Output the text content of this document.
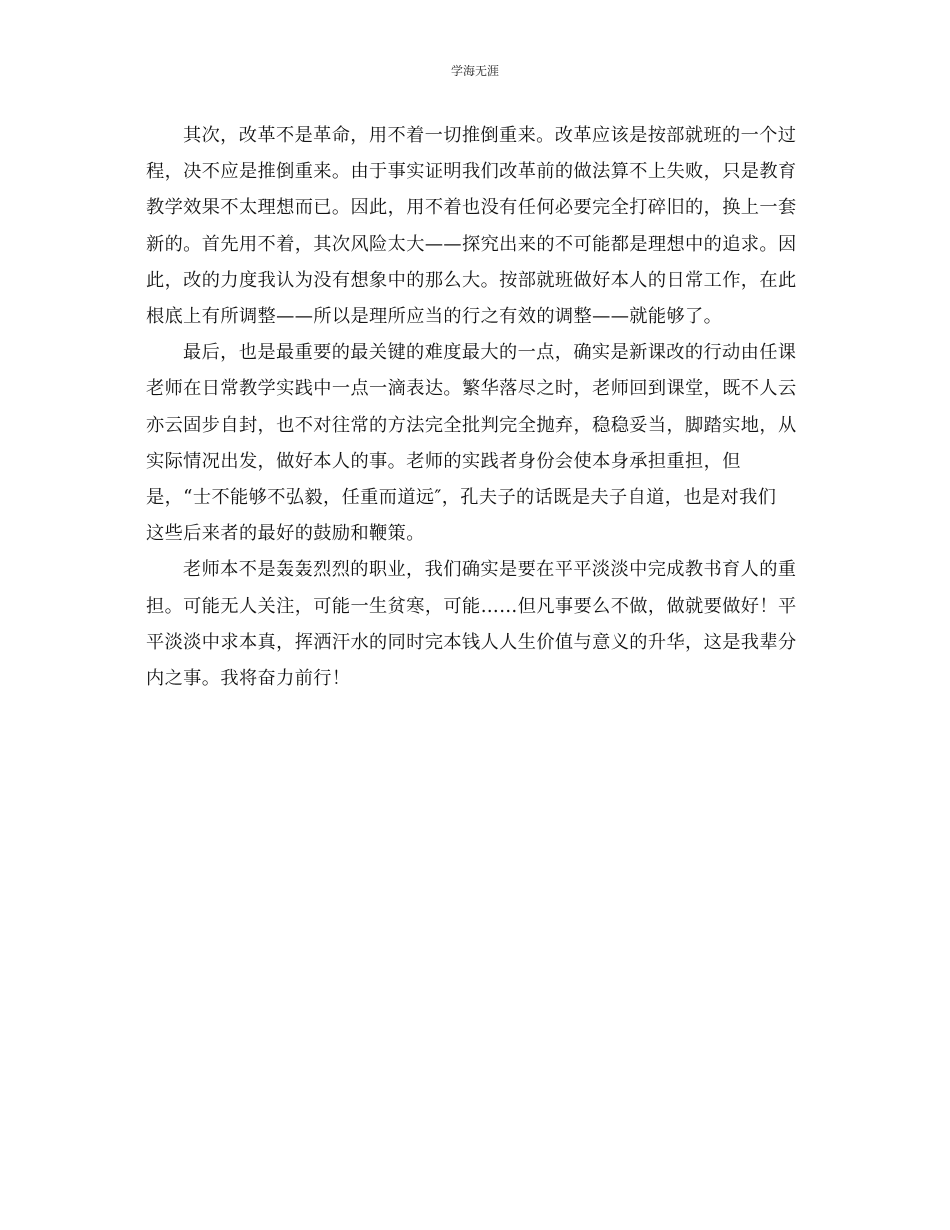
学海无涯
其次，改革不是革命，用不着一切推倒重来。改革应该是按部就班的一个过
程，决不应是推倒重来。由于事实证明我们改革前的做法算不上失败，只是教育
教学效果不太理想而已。因此，用不着也没有任何必要完全打碎旧的，换上一套
新的。首先用不着，其次风险太大——探究出来的不可能都是理想中的追求。因
此，改的力度我认为没有想象中的那么大。按部就班做好本人的日常工作，在此
根底上有所调整——所以是理所应当的行之有效的调整——就能够了。
最后，也是最重要的最关键的难度最大的一点，确实是新课改的行动由任课
老师在日常教学实践中一点一滴表达。繁华落尽之时，老师回到课堂，既不人云
亦云固步自封，也不对往常的方法完全批判完全抛弃，稳稳妥当，脚踏实地，从
实际情况出发，做好本人的事。老师的实践者身份会使本身承担重担，但
是，“士不能够不弘毅，任重而道远″，孔夫子的话既是夫子自道，也是对我们
这些后来者的最好的鼓励和鞭策。
老师本不是轰轰烈烈的职业，我们确实是要在平平淡淡中完成教书育人的重
担。可能无人关注，可能一生贫寒，可能……但凡事要么不做，做就要做好！平
平淡淡中求本真，挥洒汗水的同时完本钱人人生价值与意义的升华，这是我辈分
内之事。我将奋力前行！
